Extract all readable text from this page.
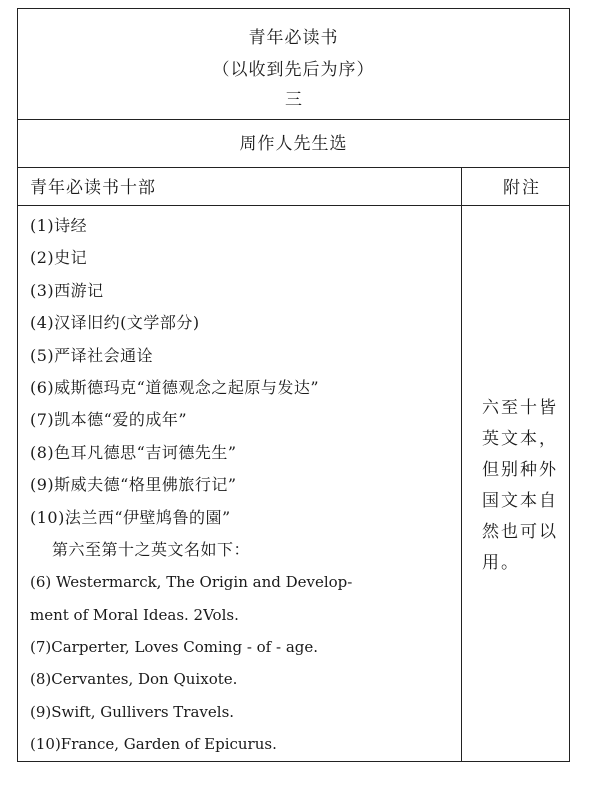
青年必读书
（以收到先后为序）
三
周作人先生选
青年必读书十部	附注
(1)诗经
(2)史记
(3)西游记
(4)汉译旧约(文学部分)
(5)严译社会通诠
(6)威斯德玛克“道德观念之起原与发达”
(7)凯本德“爱的成年”
(8)色耳凡德思“吉诃德先生”
(9)斯威夫德“格里佛旅行记”
(10)法兰西“伊壁鸠鲁的園”
第六至第十之英文名如下：
(6) Westermarck, The Origin and Develop-
ment of Moral Ideas. 2Vols.
(7)Carperter, Loves Coming - of - age.
(8)Cervantes, Don Quixote.
(9)Swift, Gullivers Travels.
(10)France, Garden of Epicurus.
六至十皆英文本，但别种外国文本自然也可以用。
